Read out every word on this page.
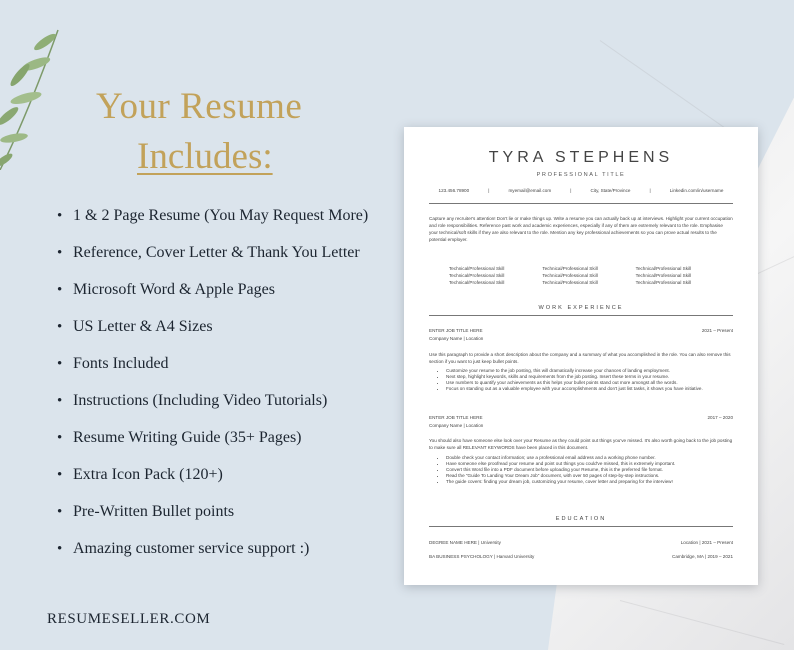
Your Resume
Includes:
• 1 & 2 Page Resume (You May Request More)
• Reference, Cover Letter & Thank You Letter
• Microsoft Word & Apple Pages
• US Letter & A4 Sizes
• Fonts Included
• Instructions (Including Video Tutorials)
• Resume Writing Guide (35+ Pages)
• Extra Icon Pack (120+)
• Pre-Written Bullet points
• Amazing customer service support :)
RESUMESELLER.COM
TYRA STEPHENS
PROFESSIONAL TITLE
123.456.78900	|	myemail@email.com	|	City, State/Province	|	Linkedin.com/in/username
Capture any recruiter's attention! Don't lie or make things up. Write a resume you can actually back up at interviews. Highlight your current occupation and role responsibilities. Reference past work and academic experiences, especially if any of them are extremely relevant to the role. Emphasise your technical/soft skills if they are also relevant to the role. Mention any key professional achievements so you can prove actual results to the potential employer.
Technical/Professional Skill	Technical/Professional Skill	Technical/Professional Skill
Technical/Professional Skill	Technical/Professional Skill	Technical/Professional Skill
Technical/Professional Skill	Technical/Professional Skill	Technical/Professional Skill
WORK EXPERIENCE
ENTER JOB TITLE HERE	2021 – Present
Company Name | Location
Use this paragraph to provide a short description about the company and a summary of what you accomplished in the role. You can also remove this section if you want to just keep bullet points.
• Customize your resume to the job posting, this will dramatically increase your chances of landing employment.
• Next step, highlight keywords, skills and requirements from the job posting. Insert these terms in your resume.
• Use numbers to quantify your achievements as this helps your bullet points stand out more amongst all the words.
• Focus on standing out as a valuable employee with your accomplishments and don't just list tasks, it shows you have initiative.
ENTER JOB TITLE HERE	2017 – 2020
Company Name | Location
You should also have someone else look over your Resume as they could point out things you've missed. It's also worth going back to the job posting to make sure all RELEVANT KEYWORDS have been placed in this document.
• Double check your contact information; use a professional email address and a working phone number.
• Have someone else proofread your resume and point out things you could've missed, this is extremely important.
• Convert this Word file into a PDF document before uploading your Resume, this is the preferred file format.
• Read the "Guide To Landing Your Dream Job" document, with over 50 pages of step-by-step instructions.
• The guide covers: finding your dream job, customizing your resume, cover letter and preparing for the interview!
EDUCATION
DEGREE NAME HERE | University	Location | 2021 – Present
BA BUSINESS PSYCHOLOGY | Harvard University	Cambridge, MA | 2019 – 2021
